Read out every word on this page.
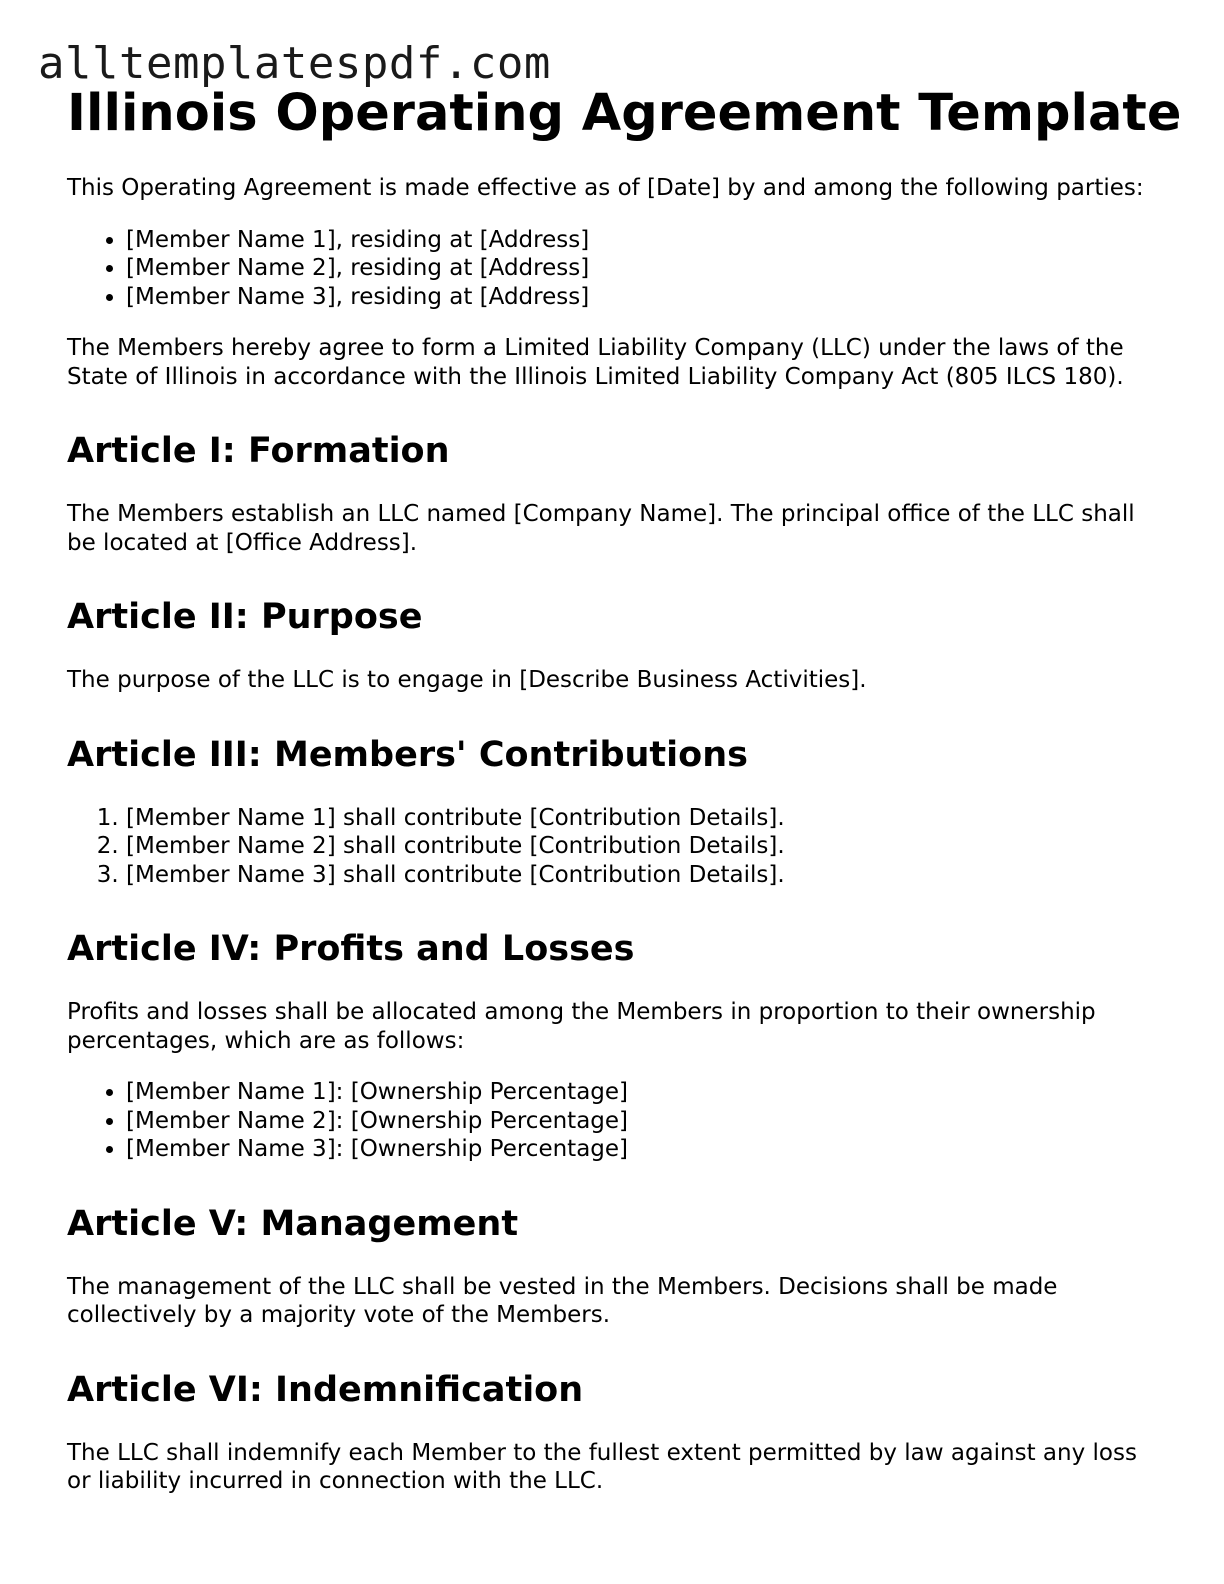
alltemplatespdf.com
Illinois Operating Agreement Template

This Operating Agreement is made effective as of [Date] by and among the following parties:

• [Member Name 1], residing at [Address]
• [Member Name 2], residing at [Address]
• [Member Name 3], residing at [Address]

The Members hereby agree to form a Limited Liability Company (LLC) under the laws of the State of Illinois in accordance with the Illinois Limited Liability Company Act (805 ILCS 180).

Article I: Formation

The Members establish an LLC named [Company Name]. The principal office of the LLC shall be located at [Office Address].

Article II: Purpose

The purpose of the LLC is to engage in [Describe Business Activities].

Article III: Members' Contributions
1. [Member Name 1] shall contribute [Contribution Details].
2. [Member Name 2] shall contribute [Contribution Details].
3. [Member Name 3] shall contribute [Contribution Details].
Article IV: Profits and Losses

Profits and losses shall be allocated among the Members in proportion to their ownership percentages, which are as follows:

• [Member Name 1]: [Ownership Percentage]
• [Member Name 2]: [Ownership Percentage]
• [Member Name 3]: [Ownership Percentage]
Article V: Management

The management of the LLC shall be vested in the Members. Decisions shall be made collectively by a majority vote of the Members.

Article VI: Indemnification

The LLC shall indemnify each Member to the fullest extent permitted by law against any loss or liability incurred in connection with the LLC.
